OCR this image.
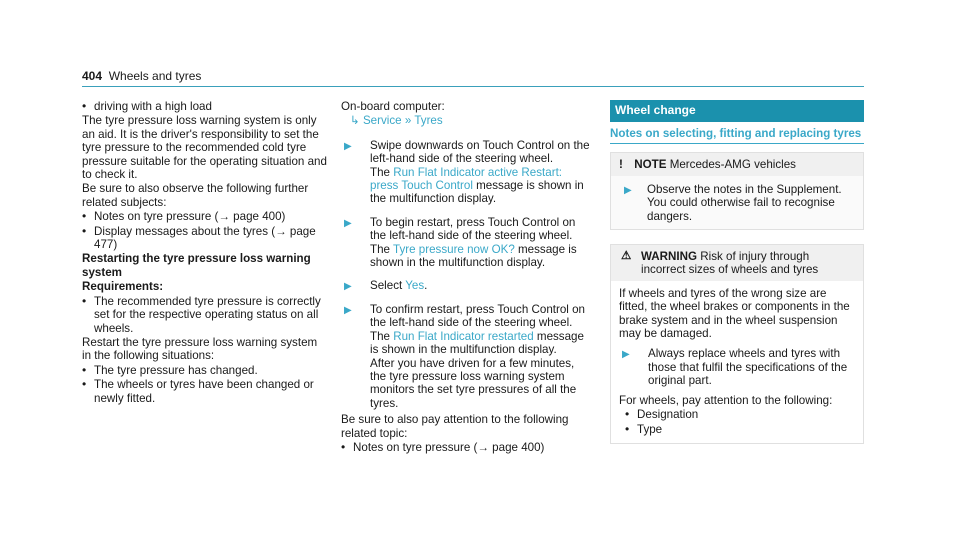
404 Wheels and tyres
• driving with a high load

The tyre pressure loss warning system is only an aid. It is the driver's responsibility to set the tyre pressure to the recommended cold tyre pressure suitable for the operating situation and to check it.

Be sure to also observe the following further related subjects:

• Notes on tyre pressure (→ page 400)
• Display messages about the tyres (→ page 477)

Restarting the tyre pressure loss warning system

Requirements:

• The recommended tyre pressure is correctly set for the respective operating status on all wheels.

Restart the tyre pressure loss warning system in the following situations:

• The tyre pressure has changed.
• The wheels or tyres have been changed or newly fitted.

On-board computer:

↳ Service » Tyres

▶ Swipe downwards on Touch Control on the left-hand side of the steering wheel.
The Run Flat Indicator active Restart: press Touch Control message is shown in the multifunction display.
▶ To begin restart, press Touch Control on the left-hand side of the steering wheel.
The Tyre pressure now OK? message is shown in the multifunction display.
▶ Select Yes.
▶ To confirm restart, press Touch Control on the left-hand side of the steering wheel.
The Run Flat Indicator restarted message is shown in the multifunction display.
After you have driven for a few minutes, the tyre pressure loss warning system monitors the set tyre pressures of all the tyres.

Be sure to also pay attention to the following related topic:

• Notes on tyre pressure (→ page 400)
Wheel change
Notes on selecting, fitting and replacing tyres
! NOTE Mercedes-AMG vehicles
▶ Observe the notes in the Supplement. You could otherwise fail to recognise dangers.
⚠ WARNING Risk of injury through incorrect sizes of wheels and tyres

If wheels and tyres of the wrong size are fitted, the wheel brakes or components in the brake system and in the wheel suspension may be damaged.

▶ Always replace wheels and tyres with those that fulfil the specifications of the original part.

For wheels, pay attention to the following:

• Designation
• Type
